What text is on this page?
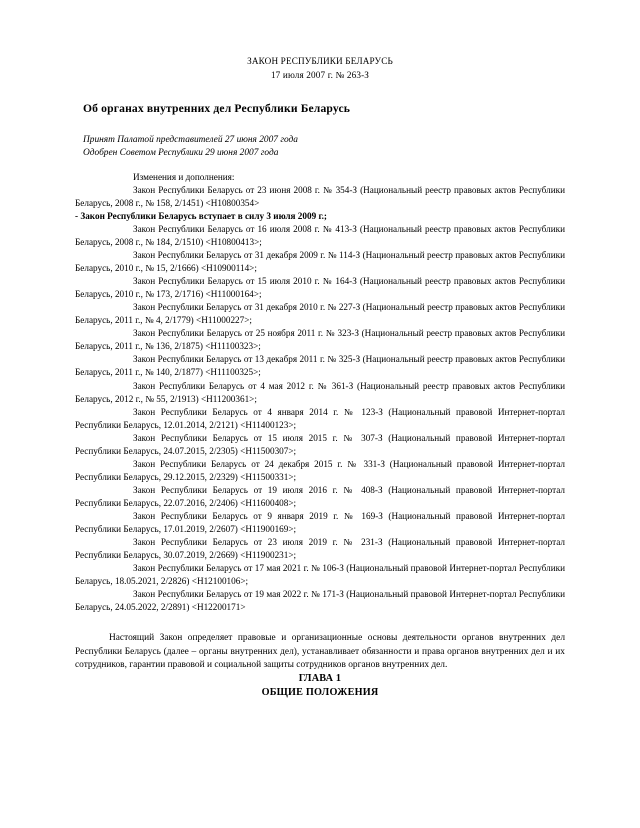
ЗАКОН РЕСПУБЛИКИ БЕЛАРУСЬ
17 июля 2007 г. № 263-З
Об органах внутренних дел Республики Беларусь
Принят Палатой представителей 27 июня 2007 года
Одобрен Советом Республики 29 июня 2007 года
Изменения и дополнения:

Закон Республики Беларусь от 23 июня 2008 г. № 354-З (Национальный реестр правовых актов Республики Беларусь, 2008 г., № 158, 2/1451) <H10800354>

- Закон Республики Беларусь вступает в силу 3 июля 2009 г.;

Закон Республики Беларусь от 16 июля 2008 г. № 413-З (Национальный реестр правовых актов Республики Беларусь, 2008 г., № 184, 2/1510) <H10800413>;

Закон Республики Беларусь от 31 декабря 2009 г. № 114-З (Национальный реестр правовых актов Республики Беларусь, 2010 г., № 15, 2/1666) <H10900114>;

Закон Республики Беларусь от 15 июля 2010 г. № 164-З (Национальный реестр правовых актов Республики Беларусь, 2010 г., № 173, 2/1716) <H11000164>;

Закон Республики Беларусь от 31 декабря 2010 г. № 227-З (Национальный реестр правовых актов Республики Беларусь, 2011 г., № 4, 2/1779) <H11000227>;

Закон Республики Беларусь от 25 ноября 2011 г. № 323-З (Национальный реестр правовых актов Республики Беларусь, 2011 г., № 136, 2/1875) <H11100323>;

Закон Республики Беларусь от 13 декабря 2011 г. № 325-З (Национальный реестр правовых актов Республики Беларусь, 2011 г., № 140, 2/1877) <H11100325>;

Закон Республики Беларусь от 4 мая 2012 г. № 361-З (Национальный реестр правовых актов Республики Беларусь, 2012 г., № 55, 2/1913) <H11200361>;

Закон Республики Беларусь от 4 января 2014 г. № 123-З (Национальный правовой Интернет-портал Республики Беларусь, 12.01.2014, 2/2121) <H11400123>;

Закон Республики Беларусь от 15 июля 2015 г. № 307-З (Национальный правовой Интернет-портал Республики Беларусь, 24.07.2015, 2/2305) <H11500307>;

Закон Республики Беларусь от 24 декабря 2015 г. № 331-З (Национальный правовой Интернет-портал Республики Беларусь, 29.12.2015, 2/2329) <H11500331>;

Закон Республики Беларусь от 19 июля 2016 г. № 408-З (Национальный правовой Интернет-портал Республики Беларусь, 22.07.2016, 2/2406) <H11600408>;

Закон Республики Беларусь от 9 января 2019 г. № 169-З (Национальный правовой Интернет-портал Республики Беларусь, 17.01.2019, 2/2607) <H11900169>;

Закон Республики Беларусь от 23 июля 2019 г. № 231-З (Национальный правовой Интернет-портал Республики Беларусь, 30.07.2019, 2/2669) <H11900231>;

Закон Республики Беларусь от 17 мая 2021 г. № 106-З (Национальный правовой Интернет-портал Республики Беларусь, 18.05.2021, 2/2826) <H12100106>;

Закон Республики Беларусь от 19 мая 2022 г. № 171-З (Национальный правовой Интернет-портал Республики Беларусь, 24.05.2022, 2/2891) <H12200171>

Настоящий Закон определяет правовые и организационные основы деятельности органов внутренних дел Республики Беларусь (далее – органы внутренних дел), устанавливает обязанности и права органов внутренних дел и их сотрудников, гарантии правовой и социальной защиты сотрудников органов внутренних дел.
ГЛАВА 1
ОБЩИЕ ПОЛОЖЕНИЯ
